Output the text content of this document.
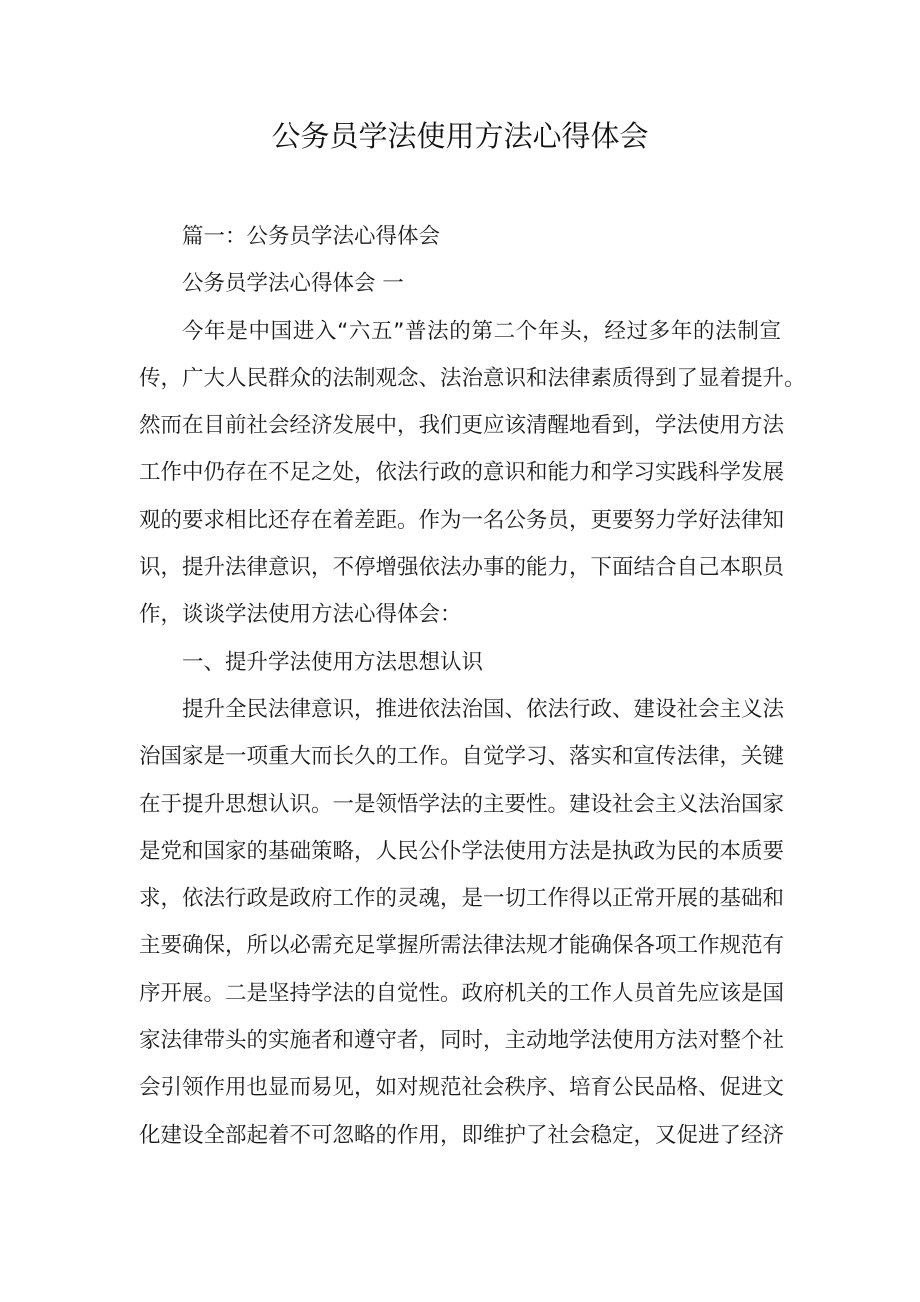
公务员学法使用方法心得体会
篇一：公务员学法心得体会
公务员学法心得体会 一
今年是中国进入“六五”普法的第二个年头，经过多年的法制宣
传，广大人民群众的法制观念、法治意识和法律素质得到了显着提升。
然而在目前社会经济发展中，我们更应该清醒地看到，学法使用方法
工作中仍存在不足之处，依法行政的意识和能力和学习实践科学发展
观的要求相比还存在着差距。作为一名公务员，更要努力学好法律知
识，提升法律意识，不停增强依法办事的能力，下面结合自己本职员
作，谈谈学法使用方法心得体会：
一、提升学法使用方法思想认识
提升全民法律意识，推进依法治国、依法行政、建设社会主义法
治国家是一项重大而长久的工作。自觉学习、落实和宣传法律，关键
在于提升思想认识。一是领悟学法的主要性。建设社会主义法治国家
是党和国家的基础策略，人民公仆学法使用方法是执政为民的本质要
求，依法行政是政府工作的灵魂，是一切工作得以正常开展的基础和
主要确保，所以必需充足掌握所需法律法规才能确保各项工作规范有
序开展。二是坚持学法的自觉性。政府机关的工作人员首先应该是国
家法律带头的实施者和遵守者，同时，主动地学法使用方法对整个社
会引领作用也显而易见，如对规范社会秩序、培育公民品格、促进文
化建设全部起着不可忽略的作用，即维护了社会稳定，又促进了经济
